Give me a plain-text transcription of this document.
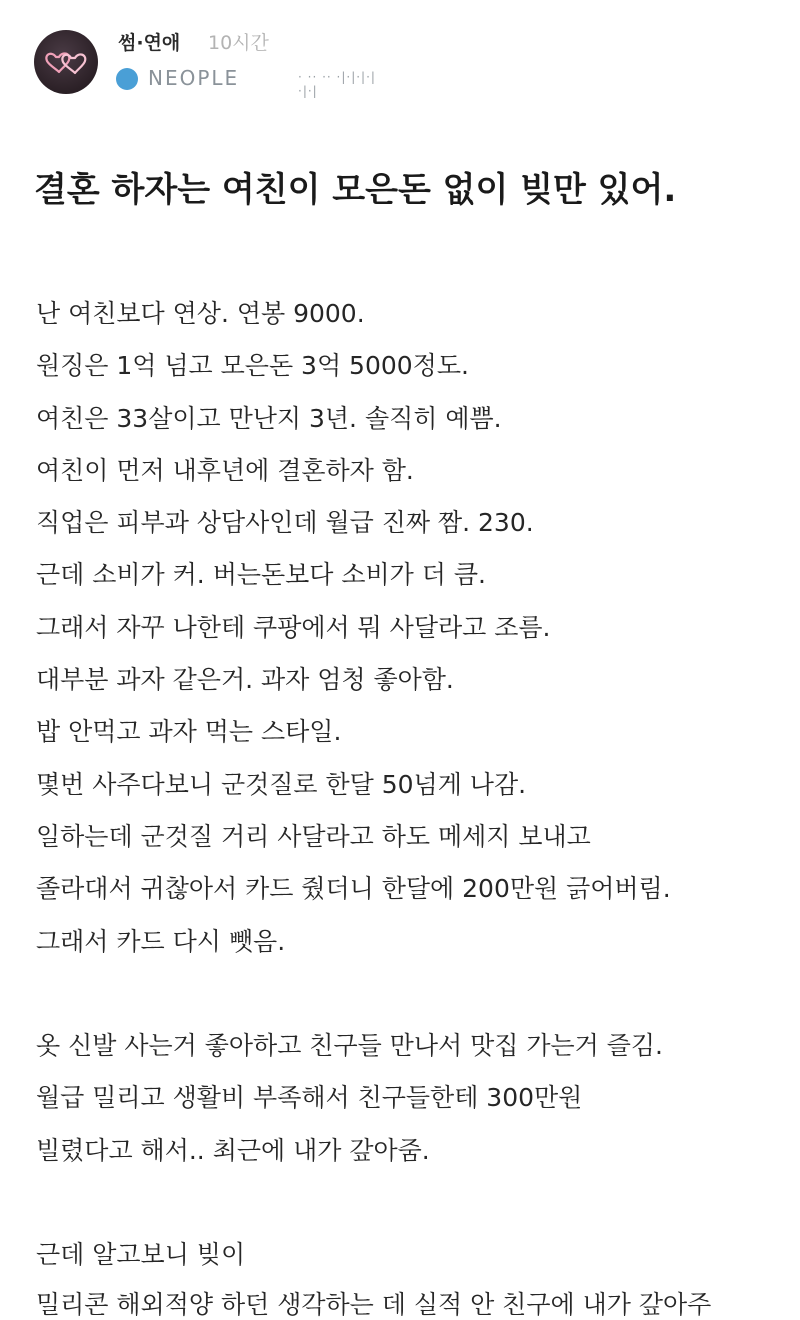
썸·연애 10시간
NEOPLE	· ·· ·· ·|·|·|·|·|·|
결혼 하자는 여친이 모은돈 없이 빚만 있어.
난 여친보다 연상. 연봉 9000.
원징은 1억 넘고 모은돈 3억 5000정도.
여친은 33살이고 만난지 3년. 솔직히 예쁨.
여친이 먼저 내후년에 결혼하자 함.
직업은 피부과 상담사인데 월급 진짜 짬. 230.
근데 소비가 커. 버는돈보다 소비가 더 큼.
그래서 자꾸 나한테 쿠팡에서 뭐 사달라고 조름.
대부분 과자 같은거. 과자 엄청 좋아함.
밥 안먹고 과자 먹는 스타일.
몇번 사주다보니 군것질로 한달 50넘게 나감.
일하는데 군것질 거리 사달라고 하도 메세지 보내고
졸라대서 귀찮아서 카드 줬더니 한달에 200만원 긁어버림.
그래서 카드 다시 뺏음.
옷 신발 사는거 좋아하고 친구들 만나서 맛집 가는거 즐김.
월급 밀리고 생활비 부족해서 친구들한테 300만원
빌렸다고 해서.. 최근에 내가 갚아줌.
근데 알고보니 빚이
밀리콘 해외적양 하던 생각하는 데 실적 안 친구에 내가 갚아주
